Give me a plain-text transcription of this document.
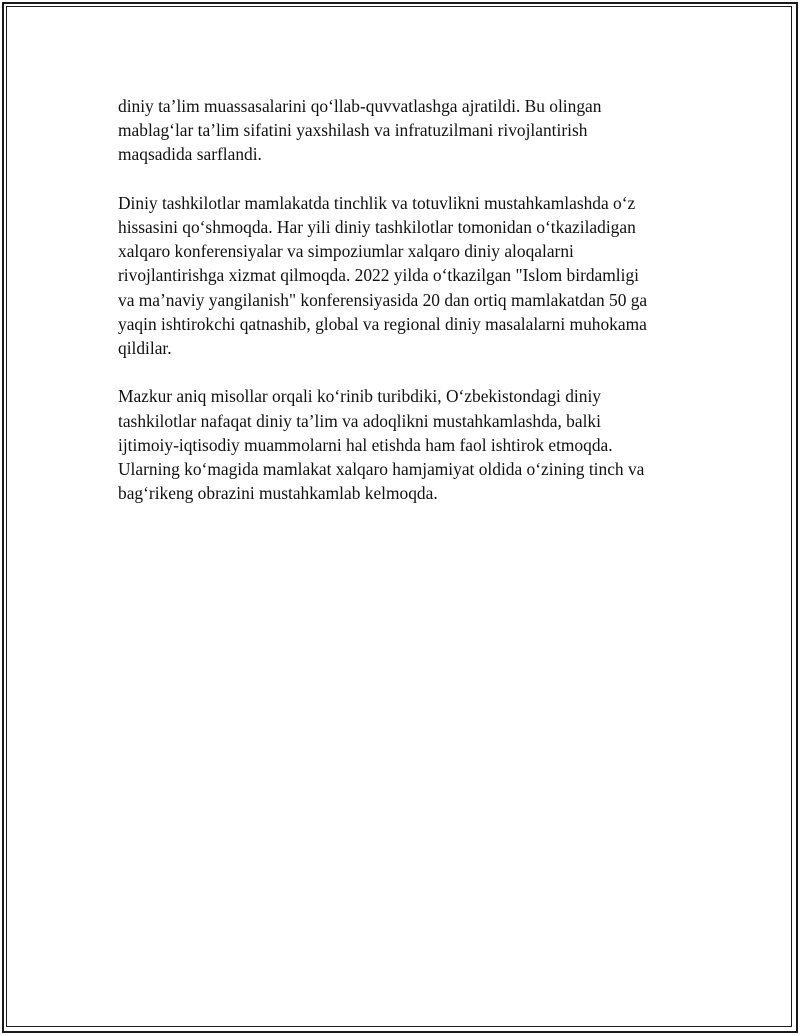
diniy ta’lim muassasalarini qo‘llab-quvvatlashga ajratildi. Bu olingan
mablag‘lar ta’lim sifatini yaxshilash va infratuzilmani rivojlantirish
maqsadida sarflandi.

Diniy tashkilotlar mamlakatda tinchlik va totuvlikni mustahkamlashda o‘z
hissasini qo‘shmoqda. Har yili diniy tashkilotlar tomonidan o‘tkaziladigan
xalqaro konferensiyalar va simpoziumlar xalqaro diniy aloqalarni
rivojlantirishga xizmat qilmoqda. 2022 yilda o‘tkazilgan "Islom birdamligi
va ma’naviy yangilanish" konferensiyasida 20 dan ortiq mamlakatdan 50 ga
yaqin ishtirokchi qatnashib, global va regional diniy masalalarni muhokama
qildilar.

Mazkur aniq misollar orqali ko‘rinib turibdiki, O‘zbekistondagi diniy
tashkilotlar nafaqat diniy ta’lim va adoqlikni mustahkamlashda, balki
ijtimoiy-iqtisodiy muammolarni hal etishda ham faol ishtirok etmoqda.
Ularning ko‘magida mamlakat xalqaro hamjamiyat oldida o‘zining tinch va
bag‘rikeng obrazini mustahkamlab kelmoqda.
